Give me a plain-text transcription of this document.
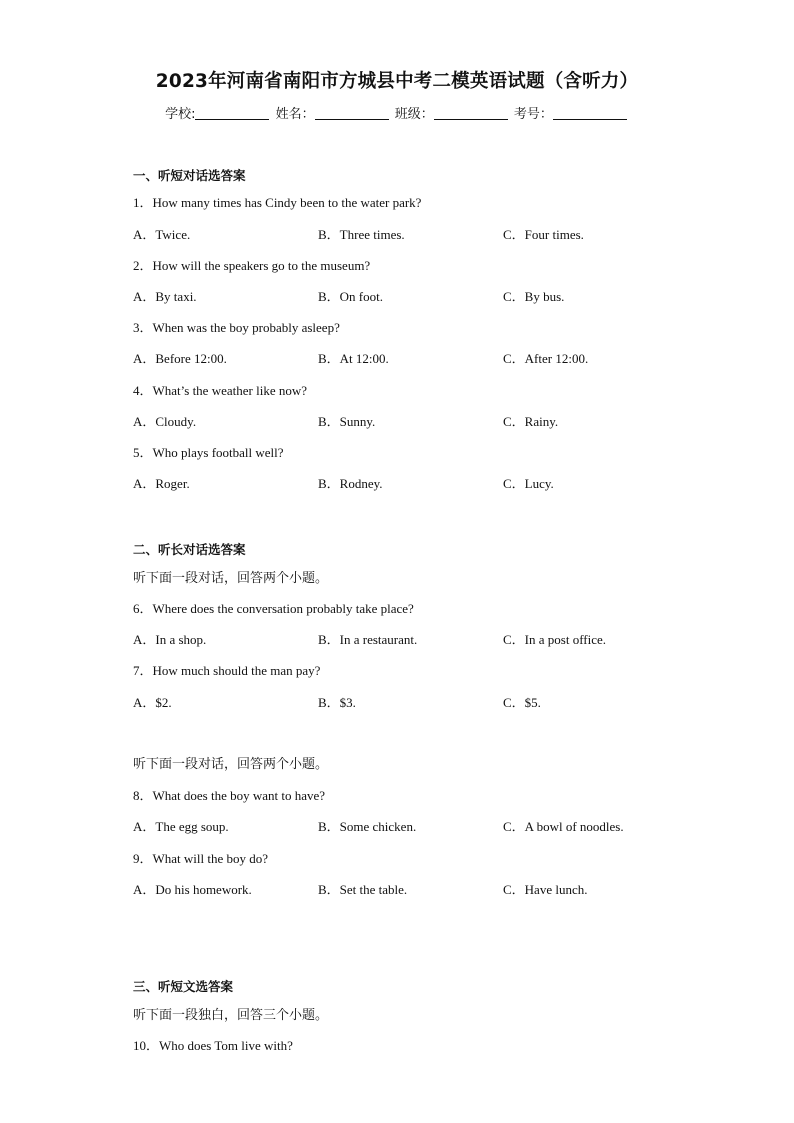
2023年河南省南阳市方城县中考二模英语试题（含听力）
学校:	姓名：	班级：	考号：
一、听短对话选答案
1．How many times has Cindy been to the water park?
A．Twice.	B．Three times.	C．Four times.
2．How will the speakers go to the museum?
A．By taxi.	B．On foot.	C．By bus.
3．When was the boy probably asleep?
A．Before 12:00.	B．At 12:00.	C．After 12:00.
4．What’s the weather like now?
A．Cloudy.	B．Sunny.	C．Rainy.
5．Who plays football well?
A．Roger.	B．Rodney.	C．Lucy.
二、听长对话选答案
听下面一段对话，回答两个小题。
6．Where does the conversation probably take place?
A．In a shop.	B．In a restaurant.	C．In a post office.
7．How much should the man pay?
A．$2.	B．$3.	C．$5.
听下面一段对话，回答两个小题。
8．What does the boy want to have?
A．The egg soup.	B．Some chicken.	C．A bowl of noodles.
9．What will the boy do?
A．Do his homework.	B．Set the table.	C．Have lunch.
三、听短文选答案
听下面一段独白，回答三个小题。
10．Who does Tom live with?
